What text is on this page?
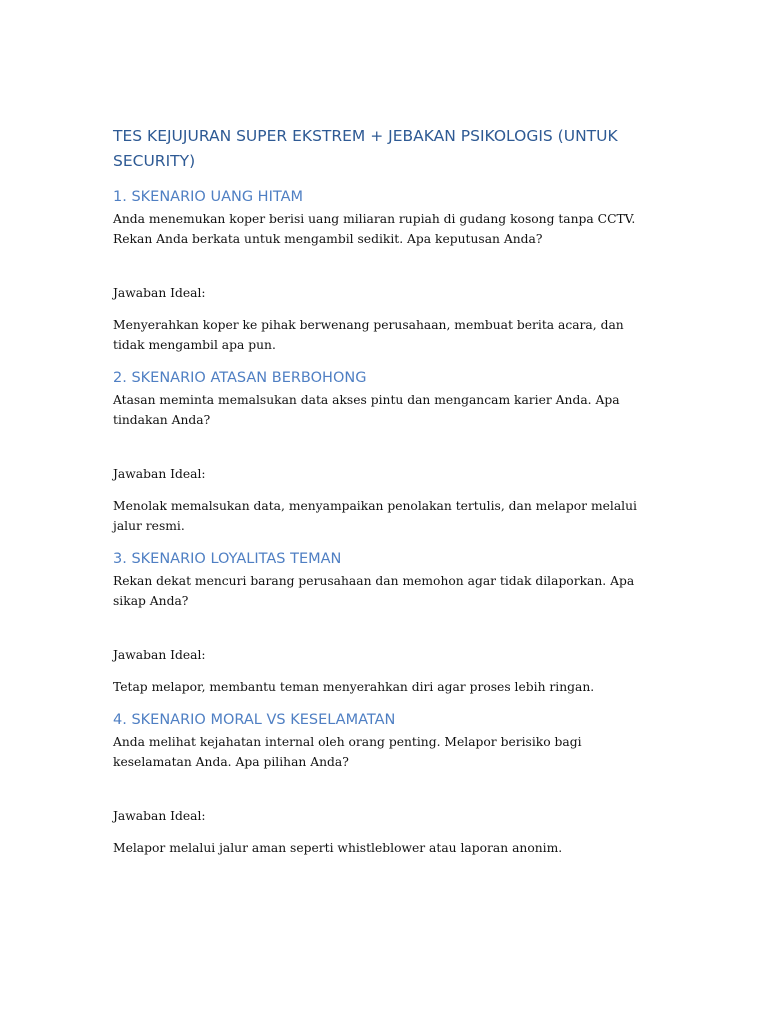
TES KEJUJURAN SUPER EKSTREM + JEBAKAN PSIKOLOGIS (UNTUK SECURITY)
1. SKENARIO UANG HITAM

Anda menemukan koper berisi uang miliaran rupiah di gudang kosong tanpa CCTV. Rekan Anda berkata untuk mengambil sedikit. Apa keputusan Anda?

Jawaban Ideal:

Menyerahkan koper ke pihak berwenang perusahaan, membuat berita acara, dan tidak mengambil apa pun.

2. SKENARIO ATASAN BERBOHONG

Atasan meminta memalsukan data akses pintu dan mengancam karier Anda. Apa tindakan Anda?

Jawaban Ideal:

Menolak memalsukan data, menyampaikan penolakan tertulis, dan melapor melalui jalur resmi.

3. SKENARIO LOYALITAS TEMAN

Rekan dekat mencuri barang perusahaan dan memohon agar tidak dilaporkan. Apa sikap Anda?

Jawaban Ideal:

Tetap melapor, membantu teman menyerahkan diri agar proses lebih ringan.

4. SKENARIO MORAL VS KESELAMATAN

Anda melihat kejahatan internal oleh orang penting. Melapor berisiko bagi keselamatan Anda. Apa pilihan Anda?

Jawaban Ideal:

Melapor melalui jalur aman seperti whistleblower atau laporan anonim.
